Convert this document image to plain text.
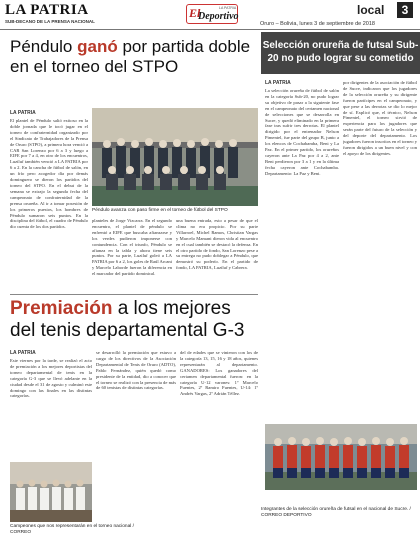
LA PATRIA
SUB-DECANO DE LA PRENSA NACIONAL
El
Deportivo
LA PATRIA	local	3
Oruro – Bolivia, lunes 3 de septiembre de 2018
Péndulo ganó por partida doble en el torneo del STPO
LA PATRIA
El plantel de Péndulo salió exitoso en la doble jornada que le tocó jugar en el torneo de confraternidad organizado por el Sindicato de Trabajadores de la Prensa de Oruro (STPO), a primera hora venció a CAR San Lorenzo por 6 a 3 y luego a EIFE por 7 a 4, en otro de los encuentros, Luziluf también venció a LA PATRIA por 6 a 2. En la cancha de fútbol de salón, en un frío pero acogedor día por demás dominguero se dieron los partidos del torneo del STPO. En el debut de la semana se extrajo la segunda fecha del campeonato de confraternidad de la prensa orureña. Al ir a tomar posesión de los primeros puestos, los hombres de Péndulo sumaron seis puntos. En la disciplina del fútbol, el cuadro de Péndulo dio cuenta de los dos partidos.
Péndulo avanza con paso firme en el torneo de fútbol del STPO
planteles de Jorge Vizcarra. En el segundo encuentro, el plantel de péndulo se enfrentó a EIFE que buscaba afianzarse y los verdes pudieron imponerse con contundencia. Con el triunfo, Péndulo se afianza en la tabla y ahora tiene seis puntos. Por su parte, Luziluf goleó a LA PATRIA por 6 a 2, los goles de Raúl Arcani y Marcelo Laborde fueron la diferencia en el marcador del partido dominical.
una buena entrada, esto a pesar de que el clima no era propicio. Por su parte Villarroel, Michel Ramos, Christian Vargas y Marcelo Mamani dieron vida al encuentro en el cual también se destacó la defensa. En el otro partido de fondo, San Lorenzo pese a su entrega no pudo doblegar a Péndulo, que demostró su poderío. En el partido de fondo, LA PATRIA, Luziluf y Cabrera.
Selección orureña de futsal Sub-20 no pudo lograr su cometido
LA PATRIA
La selección orureña de fútbol de salón en la categoría Sub-20, no pudo lograr su objetivo de pasar a la siguiente fase en el campeonato del certamen nacional de selecciones que se desarrolla en Sucre, y quedó eliminado en la primera fase tras sufrir tres derrotas. El plantel dirigido por el entrenador Nelson Pimentel, fue parte del grupo B, junto a los elencos de Cochabamba, Beni y La Paz. En el primer partido, los orureños cayeron ante La Paz por 4 a 2, ante Beni perdieron por 3 a 1 y en la última fecha cayeron ante Cochabamba. Departamento: La Paz y Beni.
por dirigentes de la asociación de fútbol de Sucre, indicaron que los jugadores de la selección orureña y su dirigente fueron partícipes en el campeonato, y que pese a las derrotas se dio lo mejor de sí. Explicó que, el técnico, Nelson Pimentel, el torneo sirvió de experiencia para los jugadores que serán parte del futuro de la selección y del deporte del departamento. Los jugadores fueron inscritos en el torneo y fueron dirigidos a un buen nivel y con el apoyo de los dirigentes.
Integrantes de la selección orureña de futsal en el nacional de Sucre. / CORREO DEPORTIVO
Premiación a los mejores del tenis departamental G-3
LA PATRIA
Este viernes por la tarde, se realizó el acto de premiación a los mejores deportistas del torneo departamental de tenis en la categoría G-3 que se llevó adelante en la ciudad desde el 31 de agosto y culminó este domingo con las finales en las distintas categorías.
Campeones que nos representarán en el torneo nacional / CORREO
se desarrolló la premiación que estuvo a cargo de los directivos de la Asociación Departamental de Tenis de Oruro (ADTO), Pablo Fernández, quién quedó como presidente de la entidad, dio a conocer que el torneo se realizó con la presencia de más de 60 tenistas de distintas categorías.
del de edades que se vinieron con los de la categoría 13, 15, 16 y 18 años, quienes representarán al departamento. GANADORES: Los ganadores del certamen departamental fueron: en la categoría U-12 varones: 1º Marcelo Fuentes, 2º Ramiro Fuentes, U-14: 1º Andrés Vargas, 2º Adrián Téllez.
